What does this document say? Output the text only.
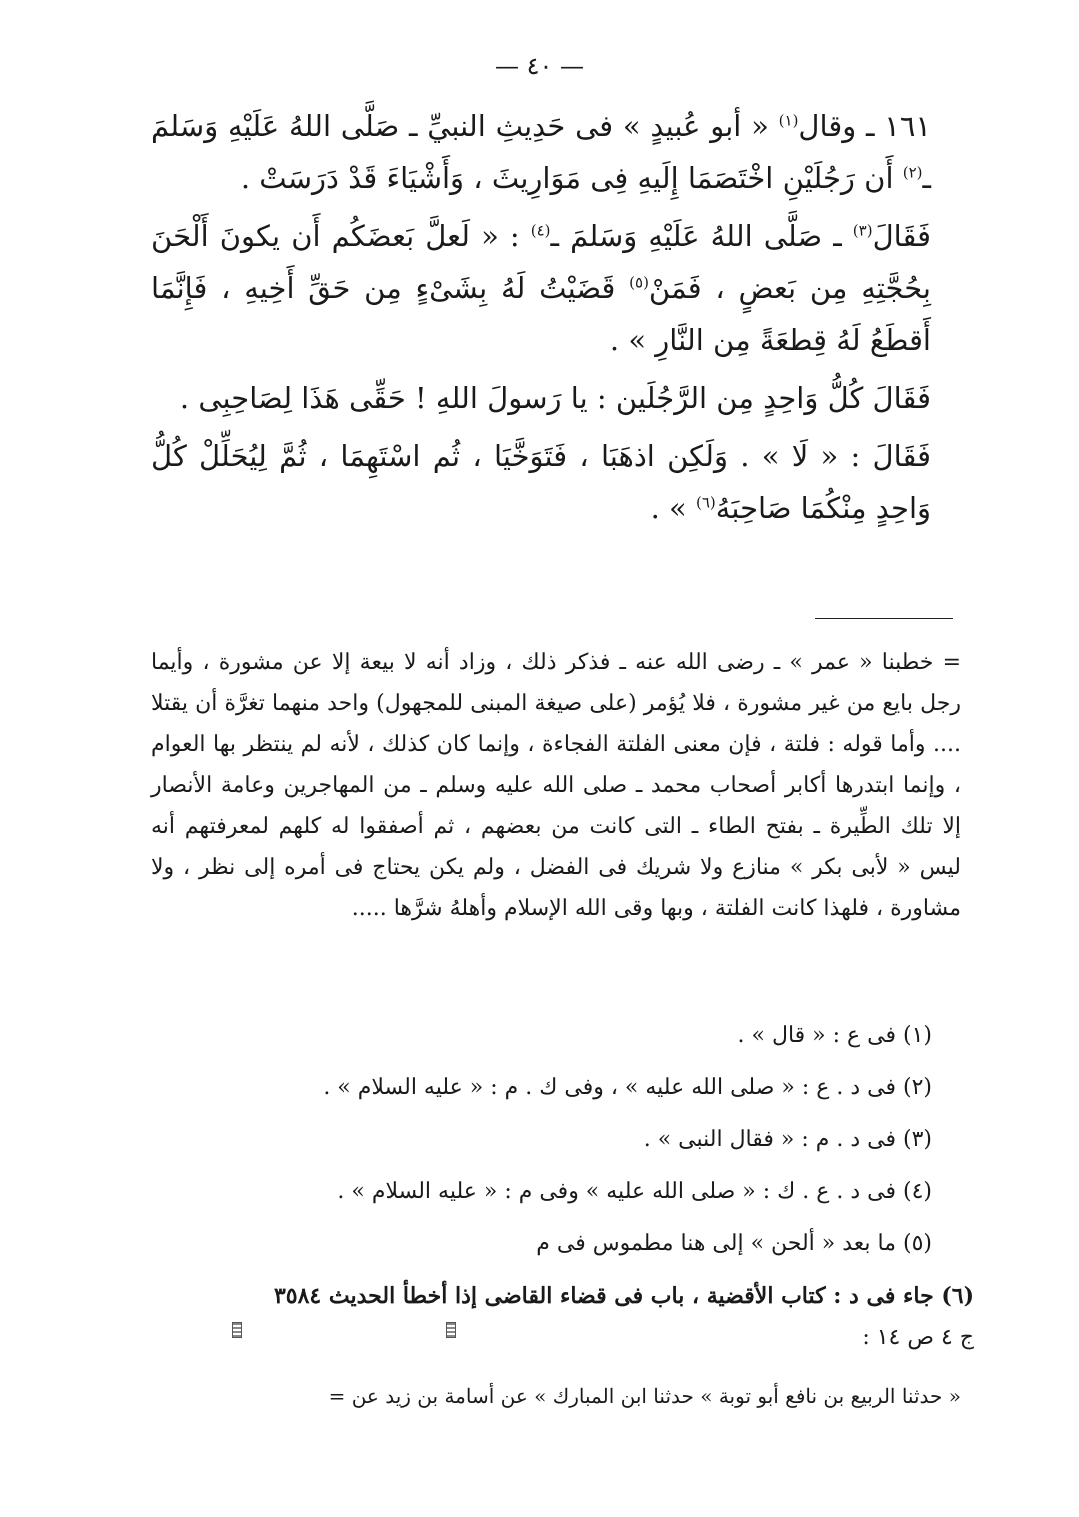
— ٤٠ —

١٦١ ـ وقال$^{(١)}$ « أبو عُبيدٍ » فى حَدِيثِ النبيِّ ـ صَلَّى اللهُ عَلَيْهِ وَسَلمَ ـ$^{(٢)}$ أَن رَجُلَيْنِ اخْتَصَمَا إِلَيهِ فِى مَوَارِيثَ ، وَأَشْيَاءَ قَدْ دَرَسَتْ .

فَقَالَ$^{(٣)}$ ـ صَلَّى اللهُ عَلَيْهِ وَسَلمَ ـ$^{(٤)}$ : « لَعلَّ بَعضَكُم أَن يكونَ أَلْحَنَ بِحُجَّتِهِ مِن بَعضٍ ، فَمَنْ$^{(٥)}$ قَضَيْتُ لَهُ بِشَىْءٍ مِن حَقِّ أَخِيهِ ، فَإِنَّمَا أَقطَعُ لَهُ قِطعَةً مِن النَّارِ » .

فَقَالَ كُلُّ وَاحِدٍ مِن الرَّجُلَين : يا رَسولَ اللهِ ! حَقِّى هَذَا لِصَاحِبِى .

فَقَالَ : « لَا » . وَلَكِن اذهَبَا ، فَتَوَخَّيَا ، ثُم اسْتَهِمَا ، ثُمَّ لِيُحَلِّلْ كُلُّ وَاحِدٍ مِنْكُمَا صَاحِبَهُ$^{(٦)}$ » .

= خطبنا « عمر » ـ رضى الله عنه ـ فذكر ذلك ، وزاد أنه لا بيعة إلا عن مشورة ، وأيما رجل بايع من غير مشورة ، فلا يُؤمر (على صيغة المبنى للمجهول) واحد منهما تغرَّة أن يقتلا .... وأما قوله : فلتة ، فإن معنى الفلتة الفجاءة ، وإنما كان كذلك ، لأنه لم ينتظر بها العوام ، وإنما ابتدرها أكابر أصحاب محمد ـ صلى الله عليه وسلم ـ من المهاجرين وعامة الأنصار إلا تلك الطِّيرة ـ بفتح الطاء ـ التى كانت من بعضهم ، ثم أصفقوا له كلهم لمعرفتهم أنه ليس « لأبى بكر » منازع ولا شريك فى الفضل ، ولم يكن يحتاج فى أمره إلى نظر ، ولا مشاورة ، فلهذا كانت الفلتة ، وبها وقى الله الإسلام وأهلهُ شرَّها .....

(١) فى ع : « قال » .

(٢) فى د . ع : « صلى الله عليه » ، وفى ك . م : « عليه السلام » .

(٣) فى د . م : « فقال النبى » .

(٤) فى د . ع . ك : « صلى الله عليه » وفى م : « عليه السلام » .

(٥) ما بعد « ألحن » إلى هنا مطموس فى م

(٦) جاء فى د : كتاب الأقضية ، باب فى قضاء القاضى إذا أخطأ الحديث ٣٥٨٤

ج ٤ ص ١٤ :
« حدثنا الربيع بن نافع أبو توبة » حدثنا ابن المبارك » عن أسامة بن زيد عن =
